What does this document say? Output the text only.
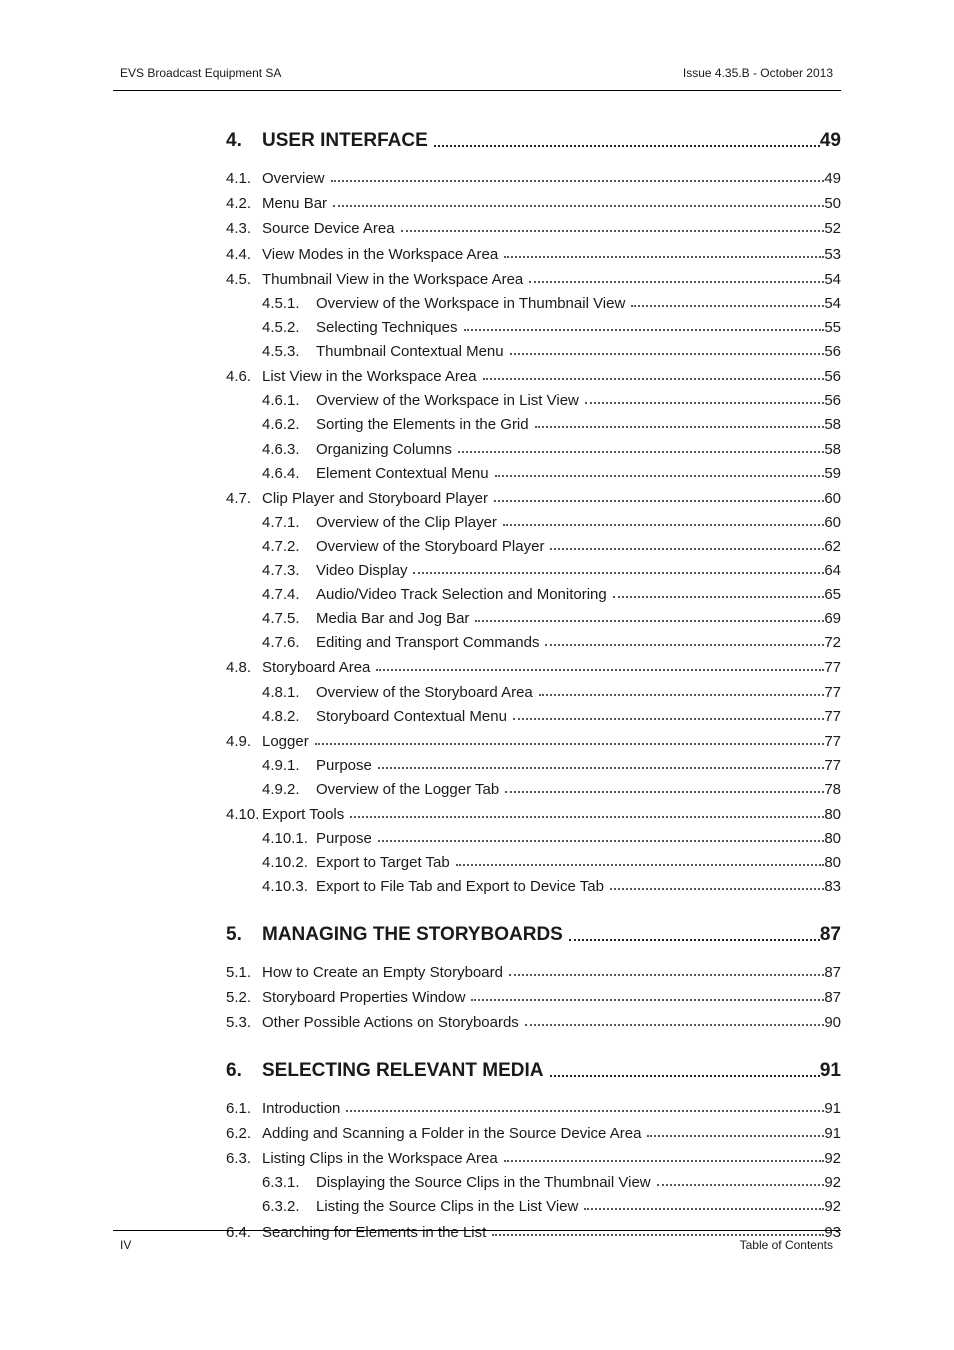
EVS Broadcast Equipment SA	Issue 4.35.B - October 2013
4.	USER INTERFACE	49
4.1. Overview	49
4.2. Menu Bar	50
4.3. Source Device Area	52
4.4. View Modes in the Workspace Area	53
4.5. Thumbnail View in the Workspace Area	54
4.5.1.	Overview of the Workspace in Thumbnail View	54
4.5.2.	Selecting Techniques	55
4.5.3.	Thumbnail Contextual Menu	56
4.6. List View in the Workspace Area	56
4.6.1.	Overview of the Workspace in List View	56
4.6.2.	Sorting the Elements in the Grid	58
4.6.3.	Organizing Columns	58
4.6.4.	Element Contextual Menu	59
4.7. Clip Player and Storyboard Player	60
4.7.1.	Overview of the Clip Player	60
4.7.2.	Overview of the Storyboard Player	62
4.7.3.	Video Display	64
4.7.4.	Audio/Video Track Selection and Monitoring	65
4.7.5.	Media Bar and Jog Bar	69
4.7.6.	Editing and Transport Commands	72
4.8. Storyboard Area	77
4.8.1.	Overview of the Storyboard Area	77
4.8.2.	Storyboard Contextual Menu	77
4.9. Logger	77
4.9.1.	Purpose	77
4.9.2.	Overview of the Logger Tab	78
4.10. Export Tools	80
4.10.1. Purpose	80
4.10.2. Export to Target Tab	80
4.10.3. Export to File Tab and Export to Device Tab	83
5.	MANAGING THE STORYBOARDS	87
5.1. How to Create an Empty Storyboard	87
5.2. Storyboard Properties Window	87
5.3. Other Possible Actions on Storyboards	90
6.	SELECTING RELEVANT MEDIA	91
6.1. Introduction	91
6.2. Adding and Scanning a Folder in the Source Device Area	91
6.3. Listing Clips in the Workspace Area	92
6.3.1.	Displaying the Source Clips in the Thumbnail View	92
6.3.2.	Listing the Source Clips in the List View	92
6.4. Searching for Elements in the List	93
IV	Table of Contents
